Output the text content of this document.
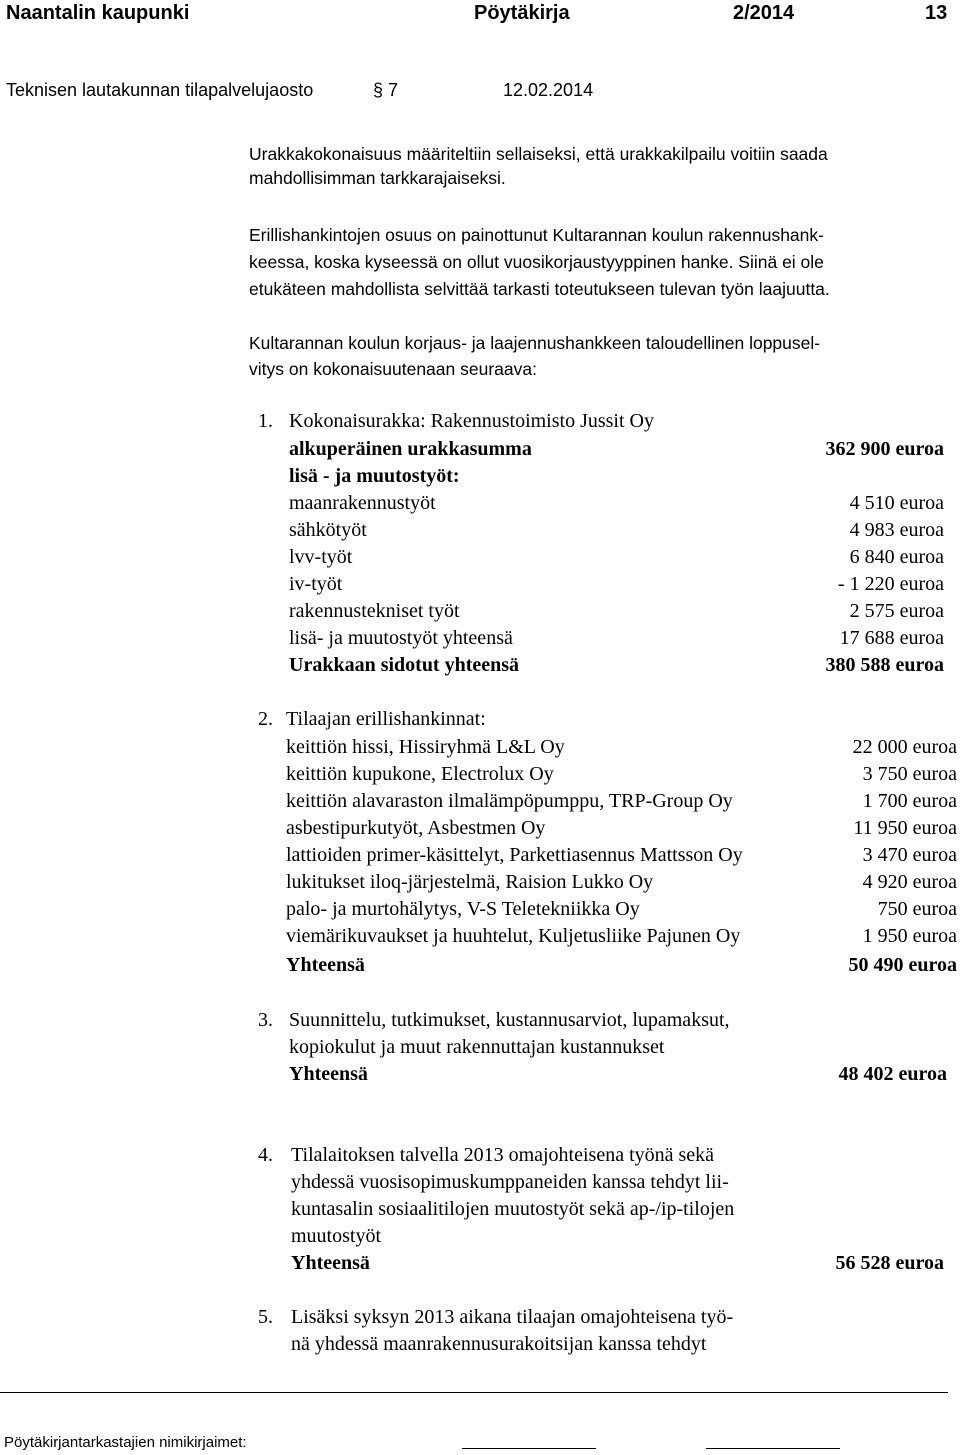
Naantalin kaupunki	Pöytäkirja	2/2014	13
Teknisen lautakunnan tilapalvelujaosto	§ 7	12.02.2014
Urakkakokonaisuus määriteltiin sellaiseksi, että urakkakilpailu voitiin saada
mahdollisimman tarkkarajaiseksi.
Erillishankintojen osuus on painottunut Kultarannan koulun rakennushank-
keessa, koska kyseessä on ollut vuosikorjaustyyppinen hanke. Siinä ei ole
etukäteen mahdollista selvittää tarkasti toteutukseen tulevan työn laajuutta.
Kultarannan koulun korjaus- ja laajennushankkeen taloudellinen loppusel-
vitys on kokonaisuutenaan seuraava:
1. Kokonaisurakka: Rakennustoimisto Jussit Oy
alkuperäinen urakkasumma	362 900 euroa
lisä - ja muutostyöt:
maanrakennustyöt	4 510 euroa
sähkötyöt	4 983 euroa
lvv-työt	6 840 euroa
iv-työt	- 1 220 euroa
rakennustekniset työt	2 575 euroa
lisä- ja muutostyöt yhteensä	17 688 euroa
Urakkaan sidotut yhteensä	380 588 euroa
2. Tilaajan erillishankinnat:
keittiön hissi, Hissiryhmä L&L Oy	22 000 euroa
keittiön kupukone, Electrolux Oy	3 750 euroa
keittiön alavaraston ilmalämpöpumppu, TRP-Group Oy	1 700 euroa
asbestipurkutyöt, Asbestmen Oy	11 950 euroa
lattioiden primer-käsittelyt, Parkettiasennus Mattsson Oy	3 470 euroa
lukitukset iloq-järjestelmä, Raision Lukko Oy	4 920 euroa
palo- ja murtohälytys, V-S Teletekniikka Oy	750 euroa
viemärikuvaukset ja huuhtelut, Kuljetusliike Pajunen Oy	1 950 euroa
Yhteensä	50 490 euroa
3. Suunnittelu, tutkimukset, kustannusarviot, lupamaksut,
kopiokulut ja muut rakennuttajan kustannukset
Yhteensä	48 402 euroa
4. Tilalaitoksen talvella 2013 omajohteisena työnä sekä
yhdessä vuosisopimuskumppaneiden kanssa tehdyt lii-
kuntasalin sosiaalitilojen muutostyöt sekä ap-/ip-tilojen
muutostyöt
Yhteensä	56 528 euroa
5. Lisäksi syksyn 2013 aikana tilaajan omajohteisena työ-
nä yhdessä maanrakennusurakoitsijan kanssa tehdyt
Pöytäkirjantarkastajien nimikirjaimet:
